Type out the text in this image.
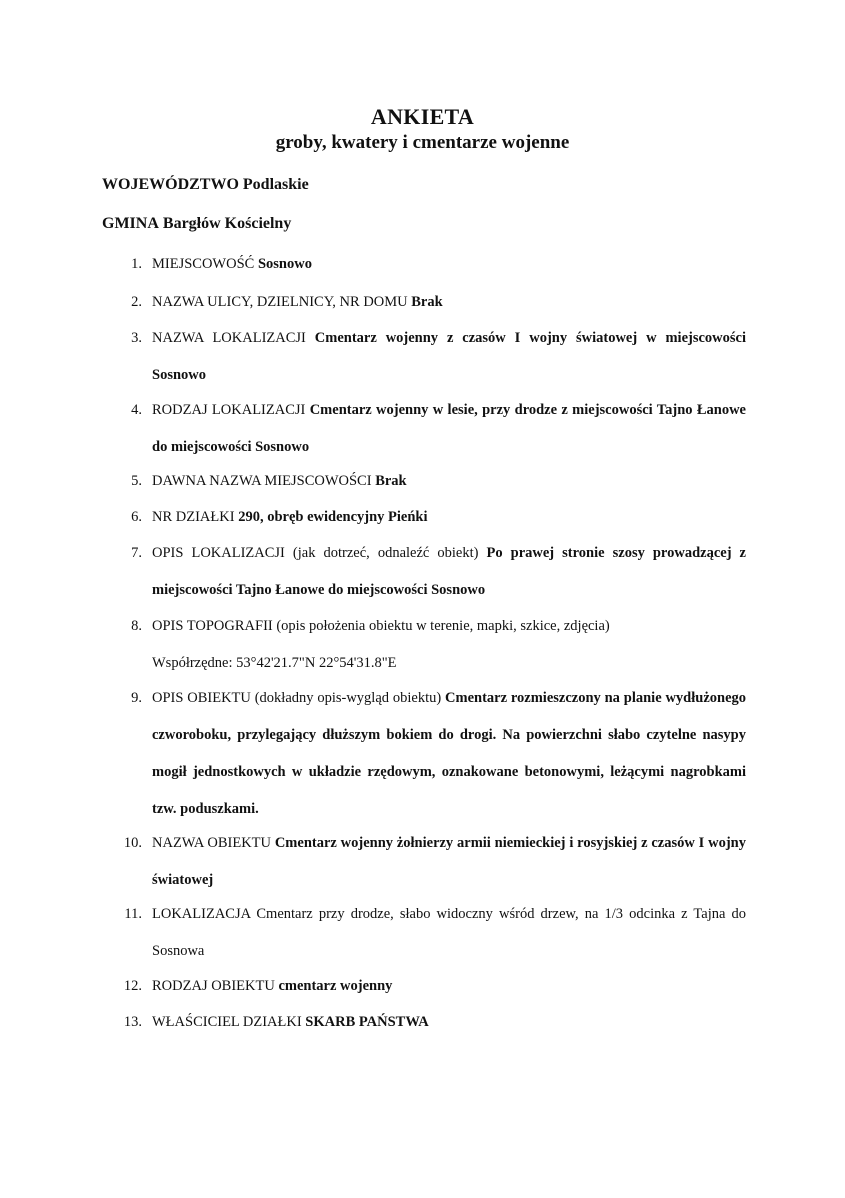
ANKIETA
groby, kwatery i cmentarze wojenne
WOJEWÓDZTWO Podlaskie
GMINA Bargłów Kościelny
1. MIEJSCOWOŚĆ Sosnowo
2. NAZWA ULICY, DZIELNICY, NR DOMU Brak
3. NAZWA LOKALIZACJI Cmentarz wojenny z czasów I wojny światowej w miejscowości Sosnowo
4. RODZAJ LOKALIZACJI Cmentarz wojenny w lesie, przy drodze z miejscowości Tajno Łanowe do miejscowości Sosnowo
5. DAWNA NAZWA MIEJSCOWOŚCI Brak
6. NR DZIAŁKI 290, obręb ewidencyjny Pieńki
7. OPIS LOKALIZACJI (jak dotrzeć, odnaleźć obiekt) Po prawej stronie szosy prowadzącej z miejscowości Tajno Łanowe do miejscowości Sosnowo
8. OPIS TOPOGRAFII (opis położenia obiektu w terenie, mapki, szkice, zdjęcia)
Współrzędne: 53°42'21.7"N 22°54'31.8"E
9. OPIS OBIEKTU (dokładny opis-wygląd obiektu) Cmentarz rozmieszczony na planie wydłużonego czworoboku, przylegający dłuższym bokiem do drogi. Na powierzchni słabo czytelne nasypy mogił jednostkowych w układzie rzędowym, oznakowane betonowymi, leżącymi nagrobkami tzw. poduszkami.
10. NAZWA OBIEKTU Cmentarz wojenny żołnierzy armii niemieckiej i rosyjskiej z czasów I wojny światowej
11. LOKALIZACJA Cmentarz przy drodze, słabo widoczny wśród drzew, na 1/3 odcinka z Tajna do Sosnowa
12. RODZAJ OBIEKTU cmentarz wojenny
13. WŁAŚCICIEL DZIAŁKI SKARB PAŃSTWA
